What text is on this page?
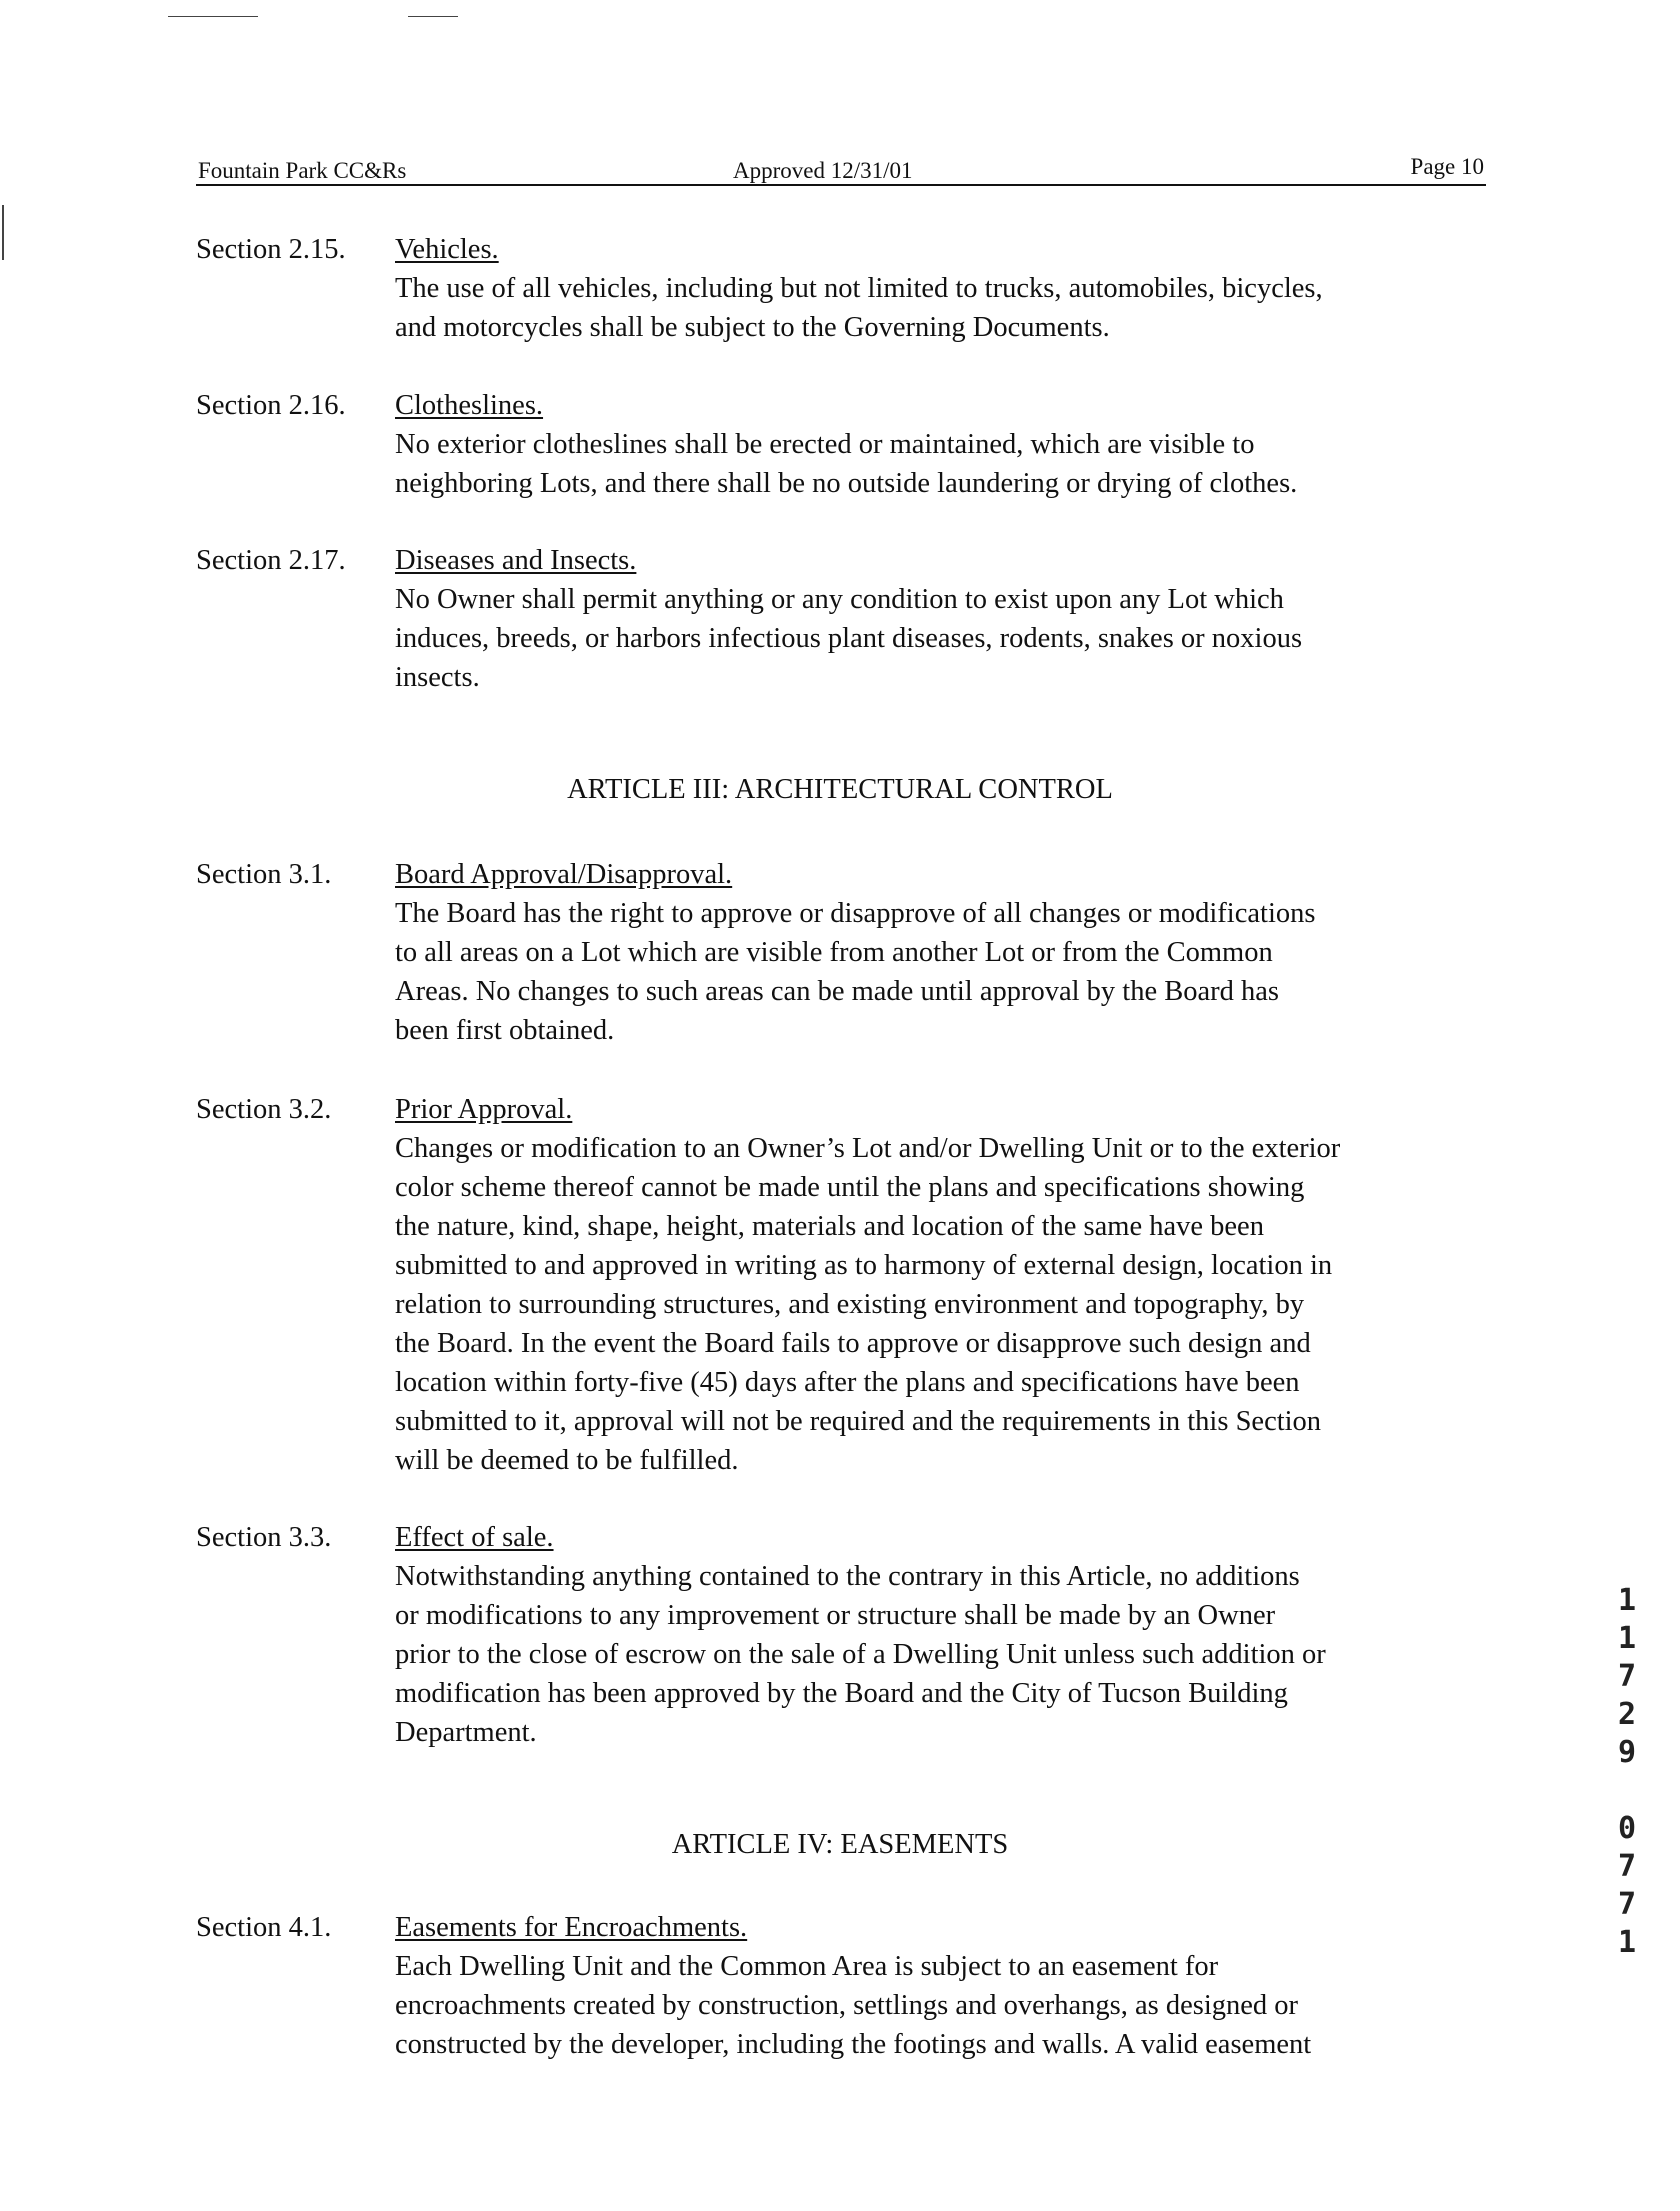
Fountain Park CC&Rs	Approved 12/31/01	Page 10
Section 2.15. Vehicles.
The use of all vehicles, including but not limited to trucks, automobiles, bicycles,
and motorcycles shall be subject to the Governing Documents.
Section 2.16. Clotheslines.
No exterior clotheslines shall be erected or maintained, which are visible to
neighboring Lots, and there shall be no outside laundering or drying of clothes.
Section 2.17. Diseases and Insects.
No Owner shall permit anything or any condition to exist upon any Lot which
induces, breeds, or harbors infectious plant diseases, rodents, snakes or noxious
insects.
ARTICLE III: ARCHITECTURAL CONTROL
Section 3.1. Board Approval/Disapproval.
The Board has the right to approve or disapprove of all changes or modifications
to all areas on a Lot which are visible from another Lot or from the Common
Areas. No changes to such areas can be made until approval by the Board has
been first obtained.
Section 3.2. Prior Approval.
Changes or modification to an Owner’s Lot and/or Dwelling Unit or to the exterior
color scheme thereof cannot be made until the plans and specifications showing
the nature, kind, shape, height, materials and location of the same have been
submitted to and approved in writing as to harmony of external design, location in
relation to surrounding structures, and existing environment and topography, by
the Board. In the event the Board fails to approve or disapprove such design and
location within forty-five (45) days after the plans and specifications have been
submitted to it, approval will not be required and the requirements in this Section
will be deemed to be fulfilled.
Section 3.3. Effect of sale.
Notwithstanding anything contained to the contrary in this Article, no additions
or modifications to any improvement or structure shall be made by an Owner
prior to the close of escrow on the sale of a Dwelling Unit unless such addition or
modification has been approved by the Board and the City of Tucson Building
Department.
ARTICLE IV: EASEMENTS
Section 4.1. Easements for Encroachments.
Each Dwelling Unit and the Common Area is subject to an easement for
encroachments created by construction, settlings and overhangs, as designed or
constructed by the developer, including the footings and walls. A valid easement
1
1
7
2
9
0
7
7
1
